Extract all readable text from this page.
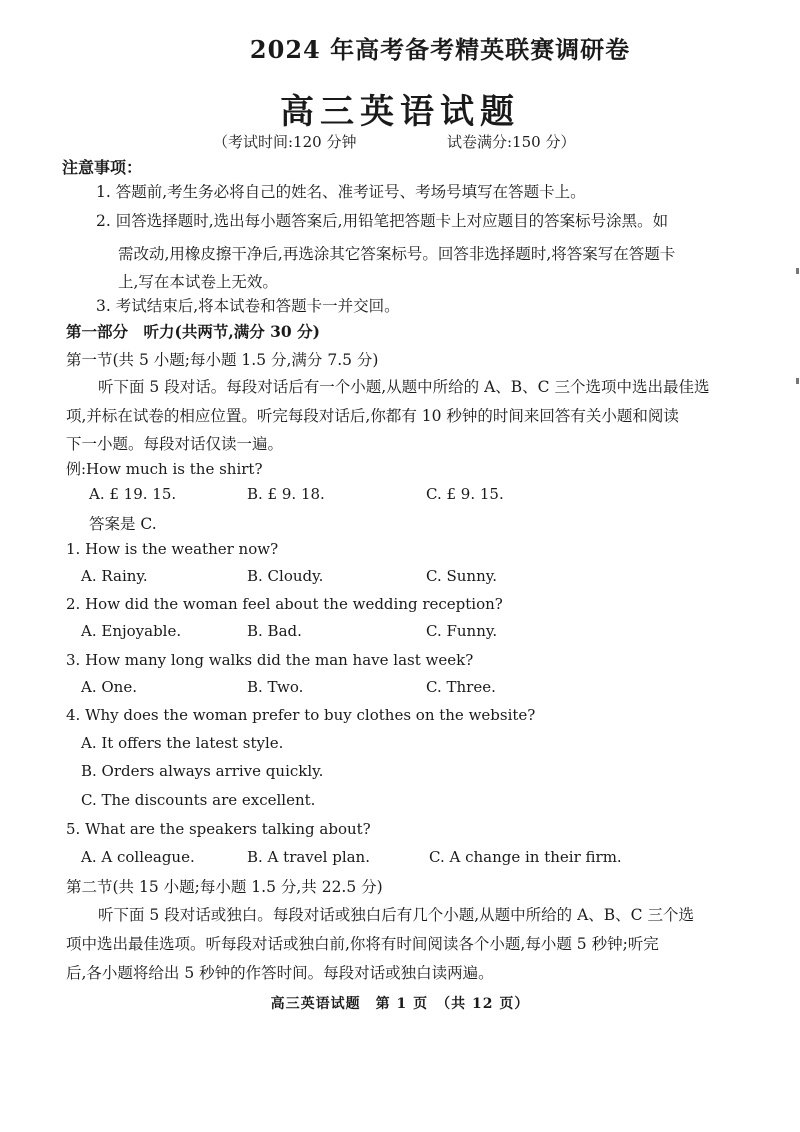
2024 年高考备考精英联赛调研卷
高三英语试题
（考试时间:120 分钟	试卷满分:150 分）
注意事项：
1. 答题前,考生务必将自己的姓名、准考证号、考场号填写在答题卡上。
2. 回答选择题时,选出每小题答案后,用铅笔把答题卡上对应题目的答案标号涂黑。如
需改动,用橡皮擦干净后,再选涂其它答案标号。回答非选择题时,将答案写在答题卡
上,写在本试卷上无效。
3. 考试结束后,将本试卷和答题卡一并交回。
第一部分　听力(共两节,满分 30 分)
第一节(共 5 小题;每小题 1.5 分,满分 7.5 分)
听下面 5 段对话。每段对话后有一个小题,从题中所给的 A、B、C 三个选项中选出最佳选
项,并标在试卷的相应位置。听完每段对话后,你都有 10 秒钟的时间来回答有关小题和阅读
下一小题。每段对话仅读一遍。
例:How much is the shirt?
A. £ 19. 15.	B. £ 9. 18.	C. £ 9. 15.
答案是 C.
1. How is the weather now?
A. Rainy.	B. Cloudy.	C. Sunny.
2. How did the woman feel about the wedding reception?
A. Enjoyable.	B. Bad.	C. Funny.
3. How many long walks did the man have last week?
A. One.	B. Two.	C. Three.
4. Why does the woman prefer to buy clothes on the website?
A. It offers the latest style.
B. Orders always arrive quickly.
C. The discounts are excellent.
5. What are the speakers talking about?
A. A colleague.	B. A travel plan.	C. A change in their firm.
第二节(共 15 小题;每小题 1.5 分,共 22.5 分)
听下面 5 段对话或独白。每段对话或独白后有几个小题,从题中所给的 A、B、C 三个选
项中选出最佳选项。听每段对话或独白前,你将有时间阅读各个小题,每小题 5 秒钟;听完
后,各小题将给出 5 秒钟的作答时间。每段对话或独白读两遍。
高三英语试题　第 1 页　（共 12 页）
